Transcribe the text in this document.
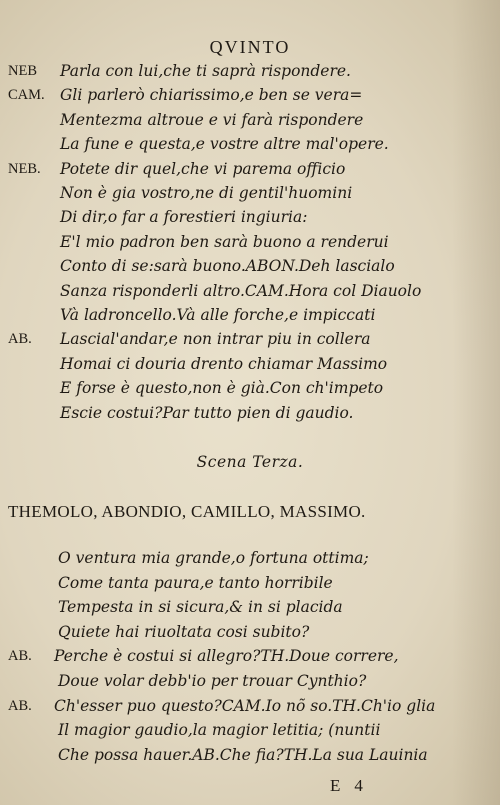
QVINTO
NEB Parla con lui,che ti saprà rispondere.
CAM. Gli parlerò chiarissimo,e ben se vera=
Mentezma altroue e vi farà rispondere
La fune e questa,e vostre altre mal'opere.
NEB. Potete dir quel,che vi parema officio
Non è gia vostro,ne di gentil'huomini
Di dir,o far a forestieri ingiuria:
E'l mio padron ben sarà buono a renderui
Conto di se:sarà buono.ABON.Deh lascialo
Sanza risponderli altro.CAM.Hora col Diauolo
Và ladroncello.Và alle forche,e impiccati
AB. Lascial'andar,e non intrar piu in collera
Homai ci douria drento chiamar Massimo
E forse è questo,non è già.Con ch'impeto
Escie costui?Par tutto pien di gaudio.
Scena Terza.
THEMOLO, ABONDIO, CAMILLO, MASSIMO.
O ventura mia grande,o fortuna ottima;
Come tanta paura,e tanto horribile
Tempesta in si sicura,& in si placida
Quiete hai riuoltata cosi subito?
AB. Perche è costui si allegro?TH.Doue correre,
Doue volar debb'io per trouar Cynthio?
AB. Ch'esser puo questo?CAM.Io nõ so.TH.Ch'io glia
Il magior gaudio,la magior letitia; (nuntii
Che possa hauer.AB.Che fia?TH.La sua Lauinia
E 4
